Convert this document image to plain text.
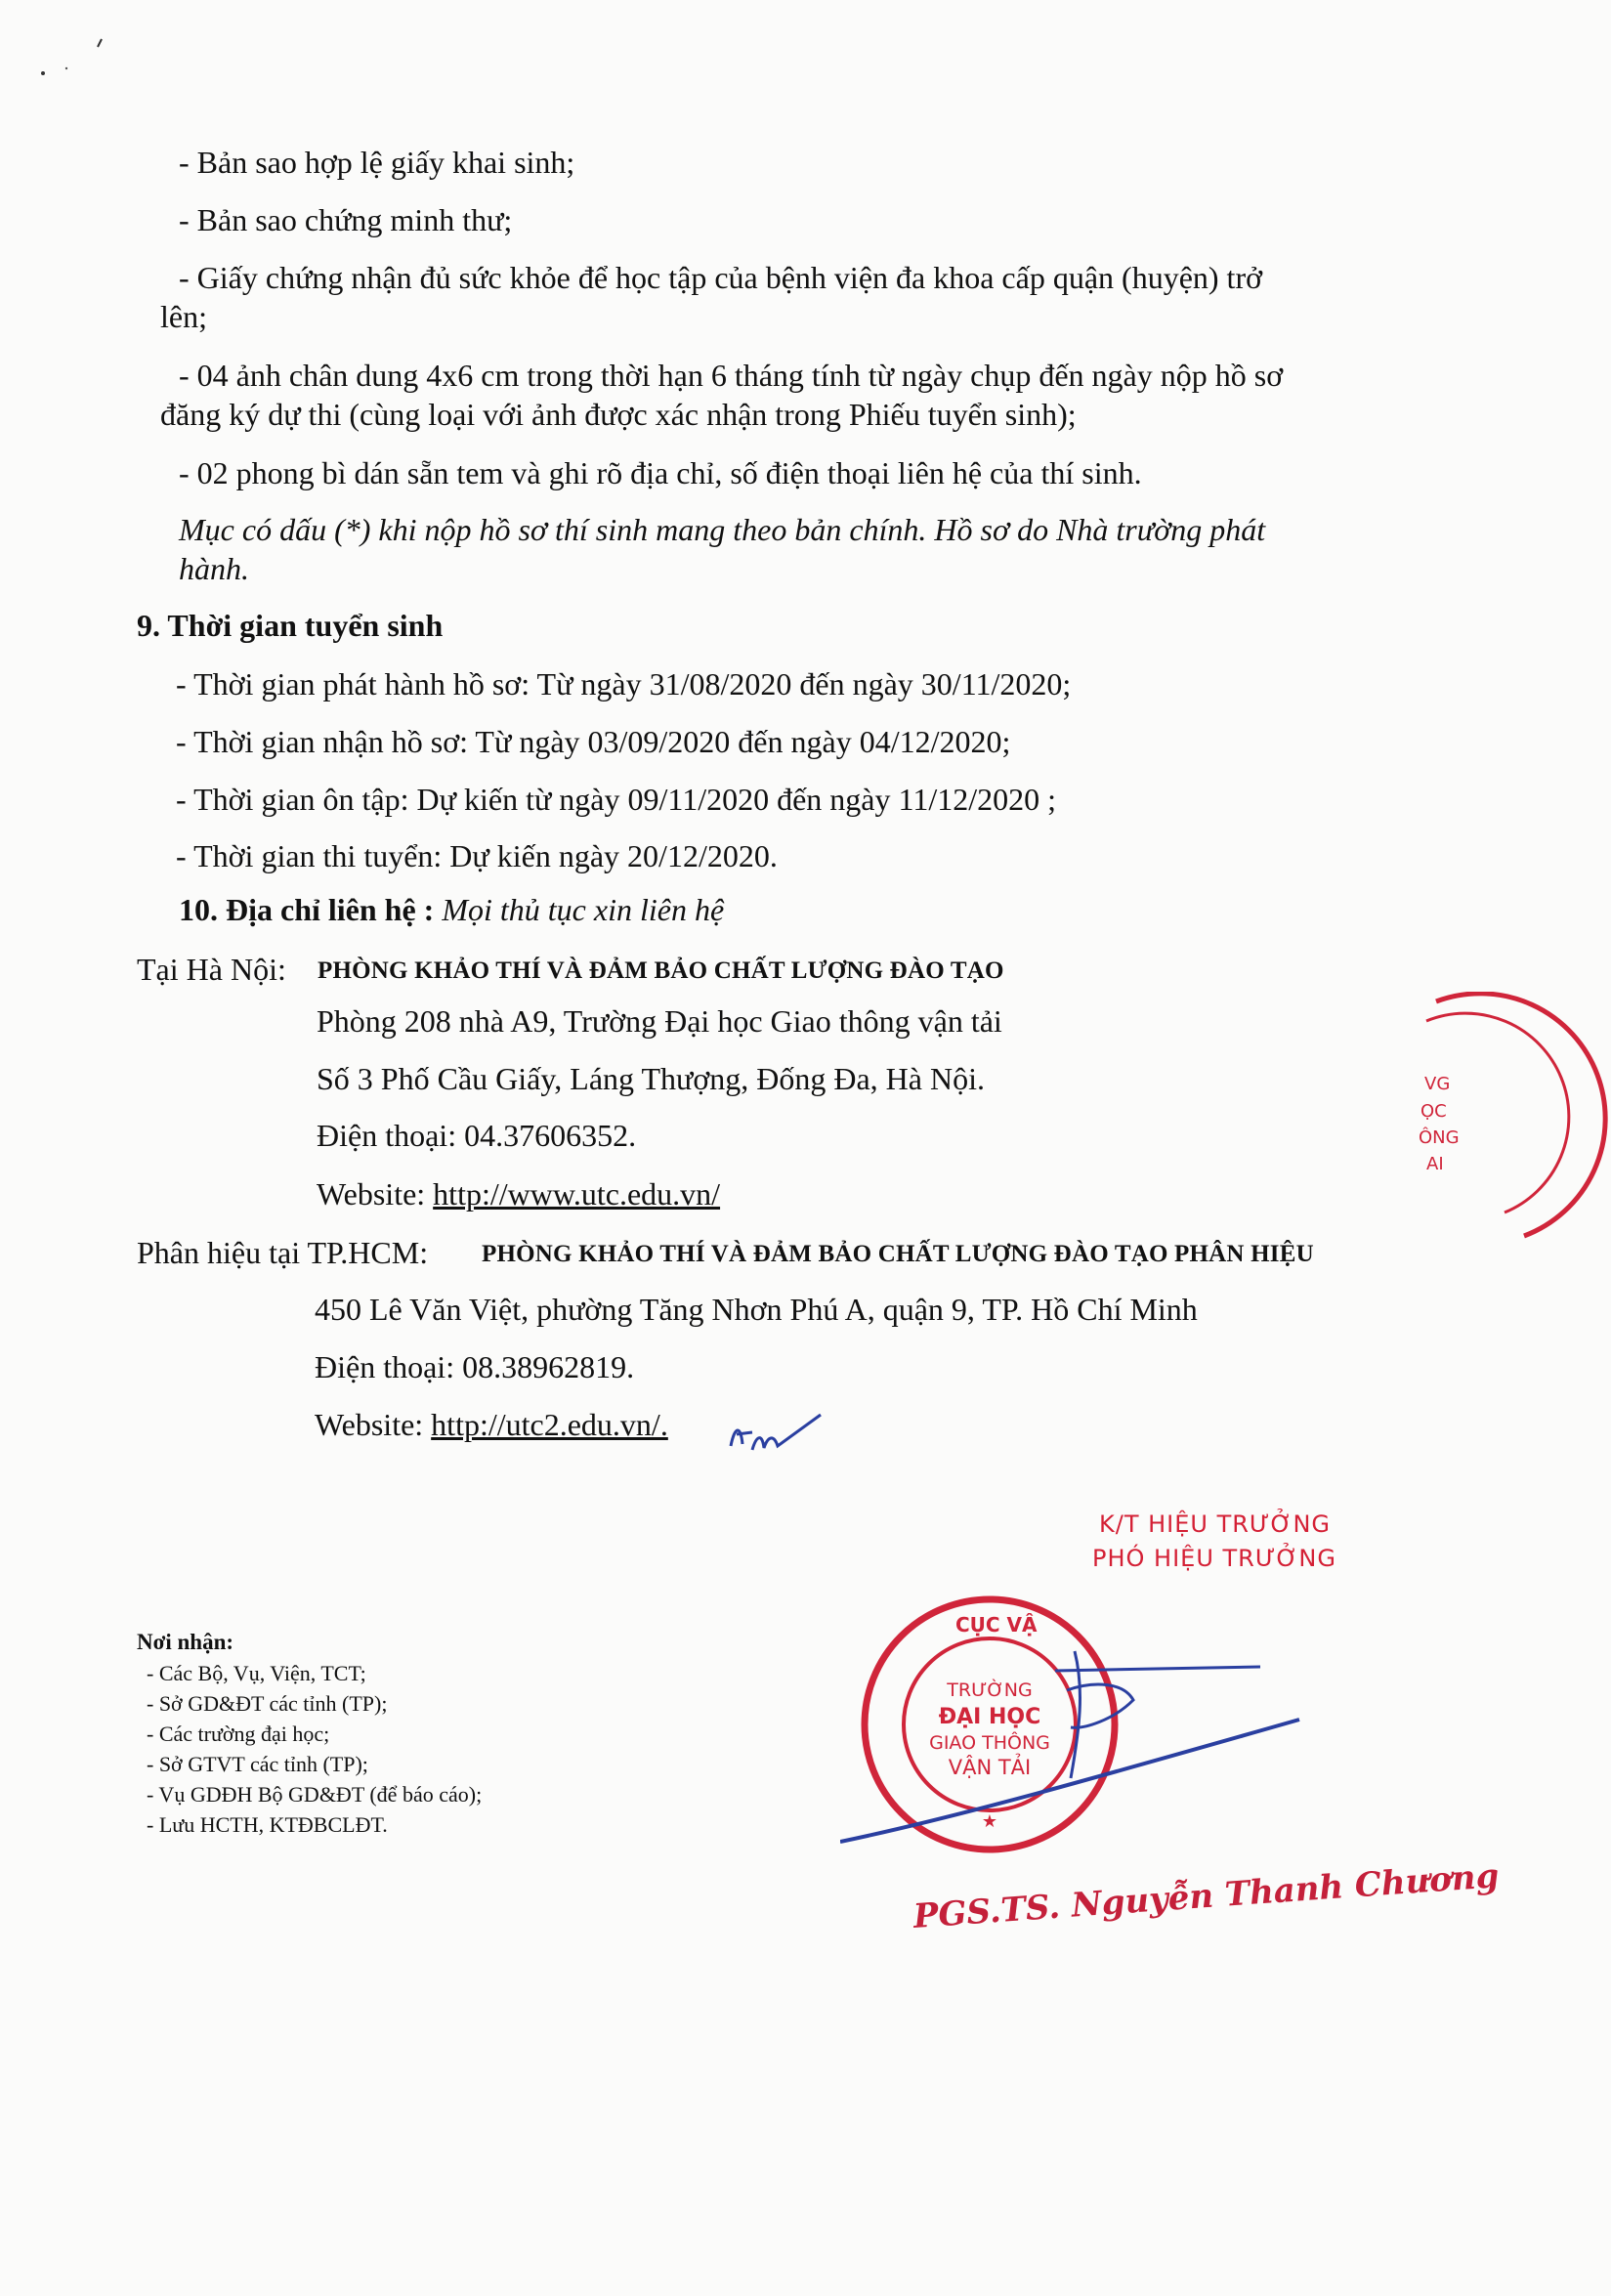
- Bản sao hợp lệ giấy khai sinh;
- Bản sao chứng minh thư;
- Giấy chứng nhận đủ sức khỏe để học tập của bệnh viện đa khoa cấp quận (huyện) trở
lên;
- 04 ảnh chân dung 4x6 cm trong thời hạn 6 tháng tính từ ngày chụp đến ngày nộp hồ sơ
đăng ký dự thi (cùng loại với ảnh được xác nhận trong Phiếu tuyển sinh);
- 02 phong bì dán sẵn tem và ghi rõ địa chỉ, số điện thoại liên hệ của thí sinh.
Mục có dấu (*) khi nộp hồ sơ thí sinh mang theo bản chính. Hồ sơ do Nhà trường phát
hành.
9. Thời gian tuyển sinh
- Thời gian phát hành hồ sơ: Từ ngày 31/08/2020 đến ngày 30/11/2020;
- Thời gian nhận hồ sơ: Từ ngày 03/09/2020 đến ngày 04/12/2020;
- Thời gian ôn tập: Dự kiến từ ngày 09/11/2020 đến ngày 11/12/2020 ;
- Thời gian thi tuyển: Dự kiến ngày 20/12/2020.
10. Địa chỉ liên hệ : Mọi thủ tục xin liên hệ
Tại Hà Nội: PHÒNG KHẢO THÍ VÀ ĐẢM BẢO CHẤT LƯỢNG ĐÀO TẠO
Phòng 208 nhà A9, Trường Đại học Giao thông vận tải
Số 3 Phố Cầu Giấy, Láng Thượng, Đống Đa, Hà Nội.
Điện thoại: 04.37606352.
Website: http://www.utc.edu.vn/
Phân hiệu tại TP.HCM: PHÒNG KHẢO THÍ VÀ ĐẢM BẢO CHẤT LƯỢNG ĐÀO TẠO PHÂN HIỆU
450 Lê Văn Việt, phường Tăng Nhơn Phú A, quận 9, TP. Hồ Chí Minh
Điện thoại: 08.38962819.
Website: http://utc2.edu.vn/.
VG
ỌC
ÔNG
AI
Nơi nhận:
- Các Bộ, Vụ, Viện, TCT;
- Sở GD&ĐT các tỉnh (TP);
- Các trường đại học;
- Sở GTVT các tỉnh (TP);
- Vụ GDĐH Bộ GD&ĐT (để báo cáo);
- Lưu HCTH, KTĐBCLĐT.
K/T HIỆU TRƯỞNG
PHÓ HIỆU TRƯỞNG
CỤC VẬ
TRƯỜNG
ĐẠI HỌC
GIAO THÔNG
VẬN TẢI
★
PGS.TS. Nguyễn Thanh Chương
